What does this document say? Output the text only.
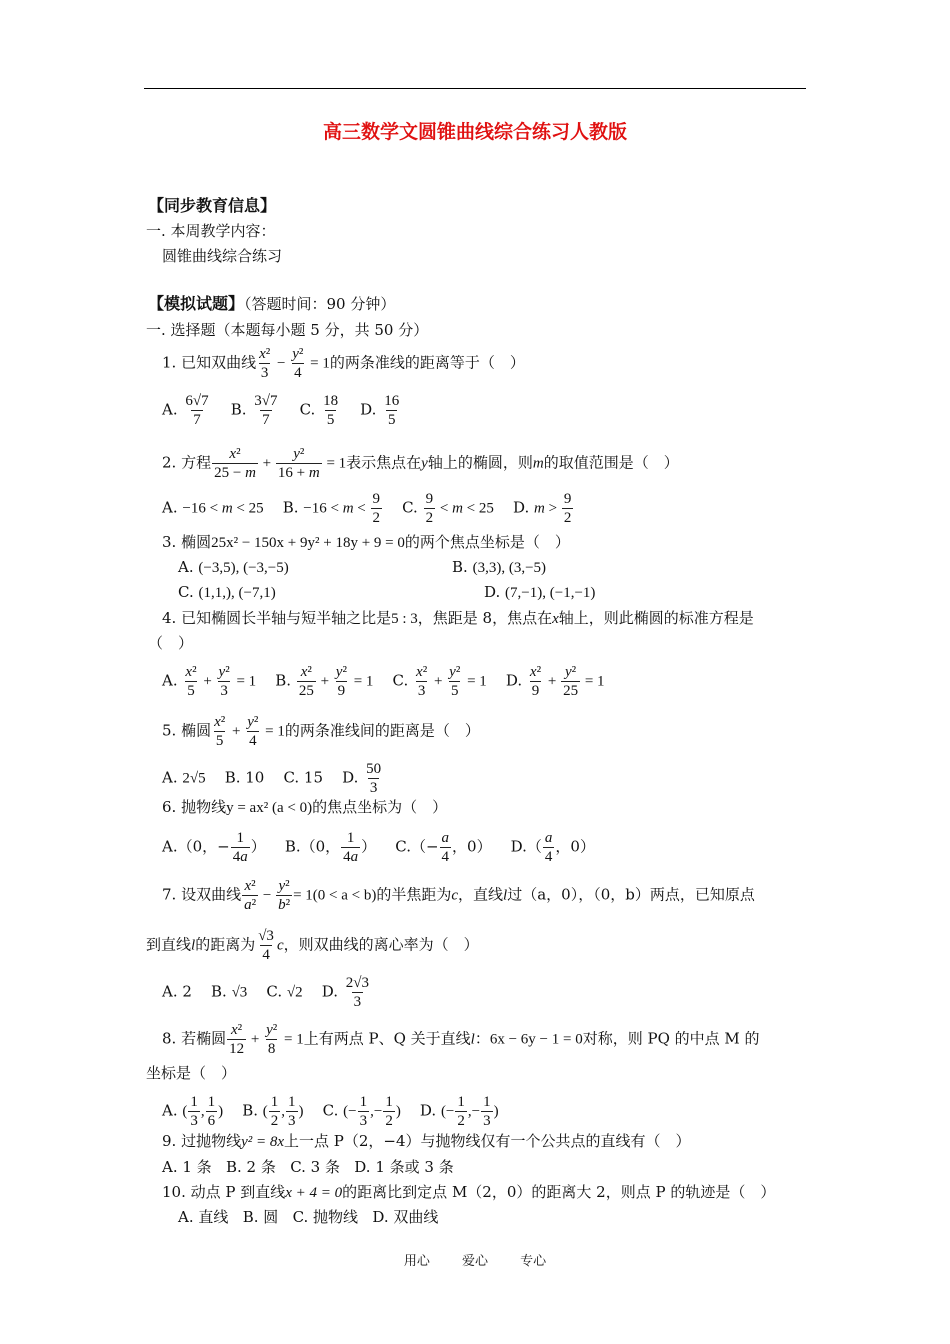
高三数学文圆锥曲线综合练习人教版
【同步教育信息】
一. 本周教学内容：
圆锥曲线综合练习
【模拟试题】（答题时间：90 分钟）
一. 选择题（本题每小题 5 分，共 50 分）
1. 已知双曲线 $\frac{\text{x²}}{3} - \frac{\text{y²}}{4} = 1$的两条准线的距离等于（　）
A. $\frac{6√7}{7} B$. $\frac{3√7}{7} C$. $\frac{18}{5} D$. $\frac{16}{5}$
2. 方程 $\frac{\text{x²}}{25 - m} + \frac{\text{y²}}{16 + m} = 1$表示焦点在y轴上的椭圆，则m的取值范围是（　）
A. −16 < m < 25 B. $-16 < m < \frac{9}{2} C$. $\frac{9}{2} < m < 25$ D. $m > \frac{9}{2}$
3. 椭圆25x² − 150x + 9y² + 18y + 9 = 0的两个焦点坐标是（　）
A. (−3,5), (−3,−5)	B. (3,3), (3,−5)
C. (1,1,), (−7,1)	D. (7,−1), (−1,−1)
4. 已知椭圆长半轴与短半轴之比是5 : 3，焦距是 8，焦点在x轴上，则此椭圆的标准方程是
（　）
A. $\frac{\text{x²}}{5} + \frac{\text{y²}}{3} = 1$ B. $\frac{\text{x²}}{25} + \frac{\text{y²}}{9} = 1$ C. $\frac{\text{x²}}{3} + \frac{\text{y²}}{5} = 1$ D. $\frac{\text{x²}}{9} + \frac{\text{y²}}{25} = 1$
5. 椭圆 $\frac{\text{x²}}{5} + \frac{\text{y²}}{4} = 1$的两条准线间的距离是（　）
A. 2√5 B. 10 C. 15 D. $\frac{50}{3}$
6. 抛物线y = ax² (a < 0)的焦点坐标为（　）
A.（0，− $\frac{1}{4a}$ ） B.（0， $\frac{1}{4a}$ ） $C.(- \frac{a}{4}$ ，0） $D.( \frac{a}{4}$ ，0）
7. 设双曲线 $\frac{\text{x²}}{\text{a²}} - \frac{\text{y²}}{\text{b²}} = 1(0 < a < b)$的半焦距为c，直线l过（a，0），（0，b）两点，已知原点
到直线l的距离为 $\frac{√3}{4}$ c，则双曲线的离心率为（　）
A. 2 B. √3 C. √2 D. $\frac{2√3}{3}$
8. 若椭圆 $\frac{\text{x²}}{12} + \frac{\text{y²}}{8} = 1$上有两点 P、Q 关于直线l：6x − 6y − 1 = 0对称，则 PQ 的中点 M 的
坐标是（　）
A. ( $\frac{1}{3}$ , $\frac{1}{6}$ ) B. ( $\frac{1}{2}$ , $\frac{1}{3}$ ) C. (− $\frac{1}{3}$ ,− $\frac{1}{2}$ ) D. (− $\frac{1}{2}$ ,− $\frac{1}{3}$ )
9. 过抛物线y² = 8x上一点 P（2，−4）与抛物线仅有一个公共点的直线有（　）
A. 1 条 B. 2 条 C. 3 条 D. 1 条或 3 条
10. 动点 P 到直线x + 4 = 0的距离比到定点 M（2，0）的距离大 2，则点 P 的轨迹是（　）
A. 直线 B. 圆 C. 抛物线 D. 双曲线
用心 爱心 专心
